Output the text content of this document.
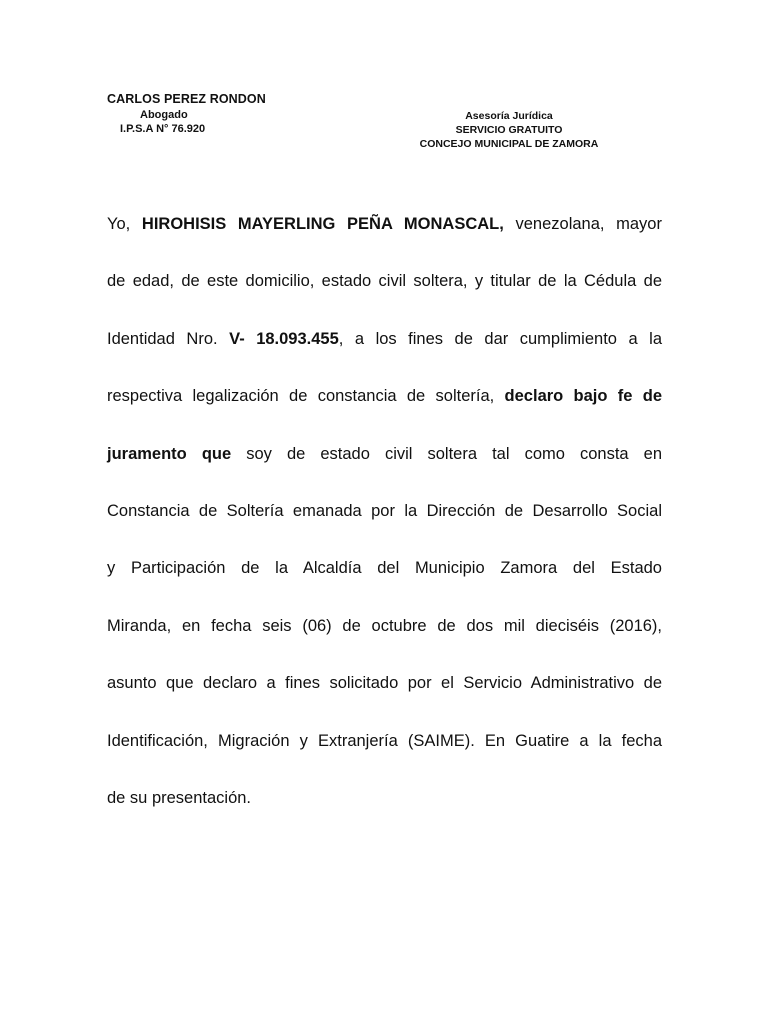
CARLOS PEREZ RONDON
Abogado
I.P.S.A N° 76.920
Asesoría Jurídica
SERVICIO GRATUITO
CONCEJO MUNICIPAL DE ZAMORA
Yo, HIROHISIS MAYERLING PEÑA MONASCAL, venezolana, mayor
de edad, de este domicilio, estado civil soltera, y titular de la Cédula de
Identidad Nro. V- 18.093.455, a los fines de dar cumplimiento a la
respectiva legalización de constancia de soltería, declaro bajo fe de
juramento que soy de estado civil soltera tal como consta en
Constancia de Soltería emanada por la Dirección de Desarrollo Social
y Participación de la Alcaldía del Municipio Zamora del Estado
Miranda, en fecha seis (06) de octubre de dos mil dieciséis (2016),
asunto que declaro a fines solicitado por el Servicio Administrativo de
Identificación, Migración y Extranjería (SAIME). En Guatire a la fecha
de su presentación.
